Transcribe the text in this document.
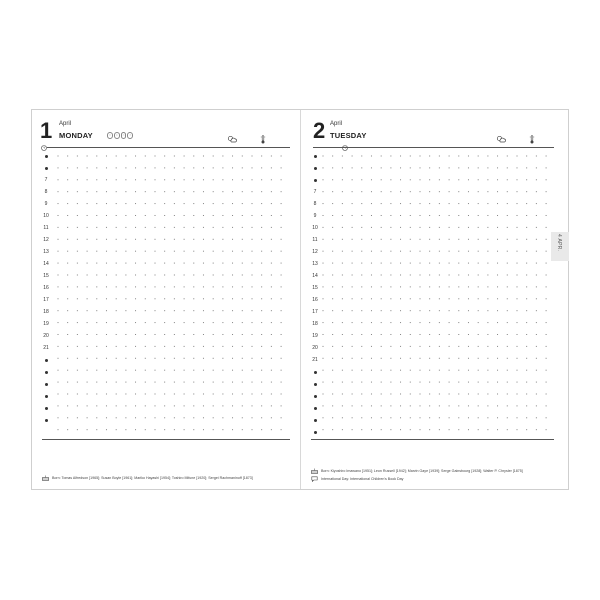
1 April
MONDAY	○	○	○	○
7
8
9
10
11
12
13
14
15
16
17
18
19
20
21
Born: Tomas Alfredson [1965]; Susan Boyle [1961]; Mariko Hayashi [1954]; Toshiro Mifune [1920]; Sergei Rachmaninoff [1873]
2 April
TUESDAY
7
8
9
10
11
12
13
14
15
16
17
18
19
20
21
Born: Kiyoshiro Imawano [1951]; Leon Russell [1942]; Marvin Gaye [1939]; Serge Gainsbourg [1928]; Walter P. Chrysler [1875]
International Day: International Children's Book Day
4 APR.
